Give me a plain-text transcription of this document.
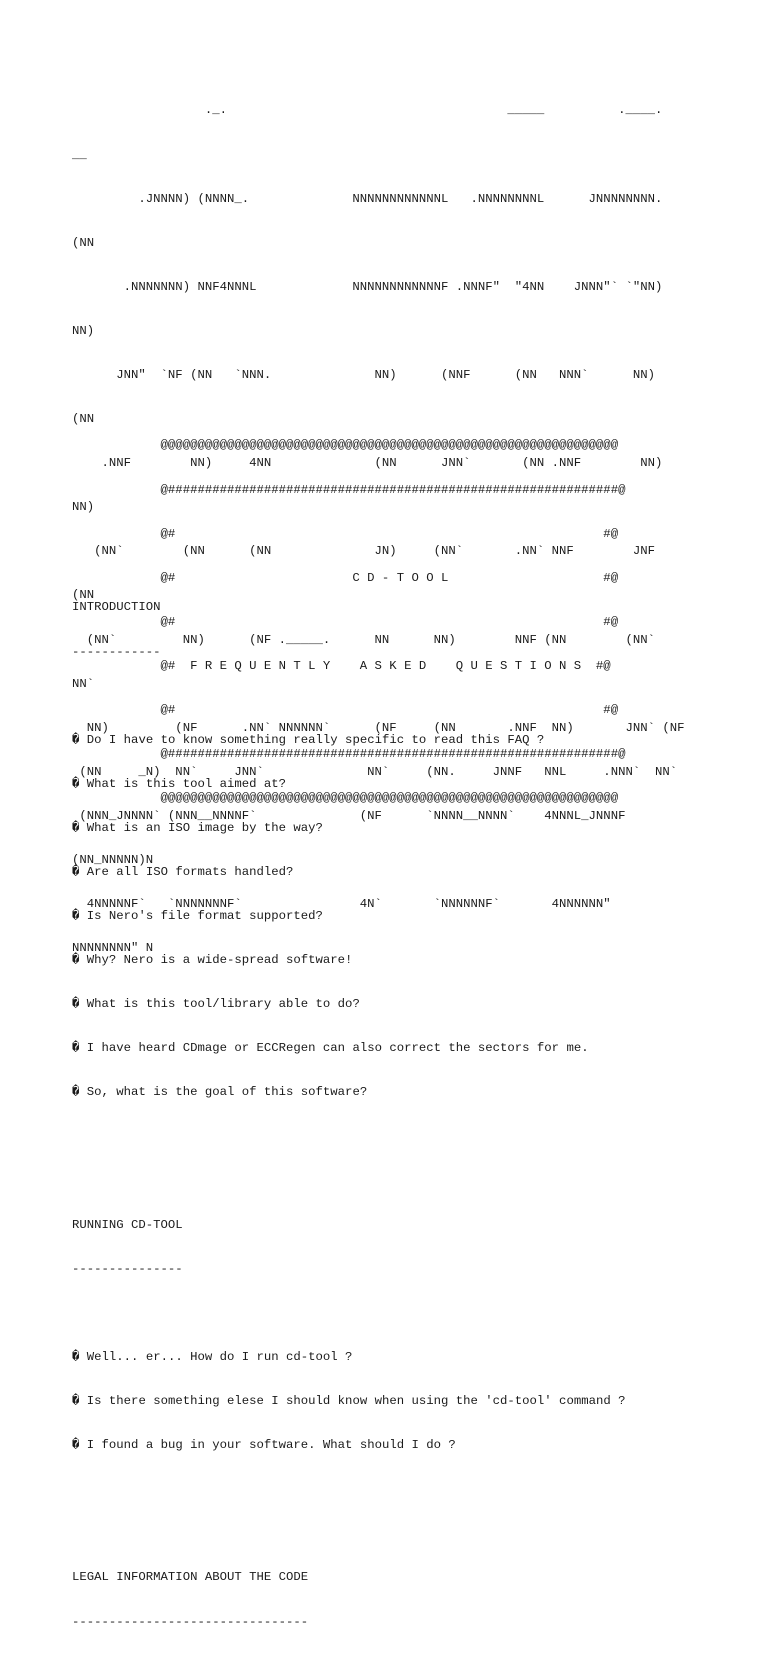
._.                                      _____          .____.

__

.JNNNN) (NNNN_.              NNNNNNNNNNNNL   .NNNNNNNNL      JNNNNNNNN.

(NN

.NNNNNNN) NNF4NNNL             NNNNNNNNNNNNF .NNNF"  "4NN    JNNN"` `"NN)

NN)

JNN"  `NF (NN   `NNN.              NN)      (NNF      (NN   NNN`      NN)

(NN

.NNF        NN)     4NN              (NN      JNN`       (NN .NNF        NN)

NN)

(NN`        (NN      (NN              JN)     (NN`       .NN` NNF        JNF

(NN

(NN`         NN)      (NF ._____.      NN      NN)        NNF (NN        (NN`

NN`

NN)         (NF      .NN` NNNNNN`      (NF     (NN       .NNF  NN)       JNN` (NF

(NN     _N)  NN`     JNN`              NN`     (NN.     JNNF   NNL     .NNN`  NN`

(NNN_JNNNN` (NNN__NNNNF`              (NF      `NNNN__NNNN`    4NNNL_JNNNF

(NN_NNNNN)N

4NNNNNF`   `NNNNNNNF`                4N`       `NNNNNNF`       4NNNNNN"

NNNNNNNN" N

@@@@@@@@@@@@@@@@@@@@@@@@@@@@@@@@@@@@@@@@@@@@@@@@@@@@@@@@@@@@@@

@#############################################################@

@#                                                          #@

@#                        C D - T O O L                     #@

@#                                                          #@

@#  F R E Q U E N T L Y    A S K E D    Q U E S T I O N S  #@

@#                                                          #@

@#############################################################@

@@@@@@@@@@@@@@@@@@@@@@@@@@@@@@@@@@@@@@@@@@@@@@@@@@@@@@@@@@@@@@

INTRODUCTION

------------

� Do I have to know something really specific to read this FAQ ?

� What is this tool aimed at?

� What is an ISO image by the way?

� Are all ISO formats handled?

� Is Nero's file format supported?

� Why? Nero is a wide-spread software!

� What is this tool/library able to do?

� I have heard CDmage or ECCRegen can also correct the sectors for me.

� So, what is the goal of this software?

RUNNING CD-TOOL

---------------

� Well... er... How do I run cd-tool ?

� Is there something elese I should know when using the 'cd-tool' command ?

� I found a bug in your software. What should I do ?

LEGAL INFORMATION ABOUT THE CODE

--------------------------------
